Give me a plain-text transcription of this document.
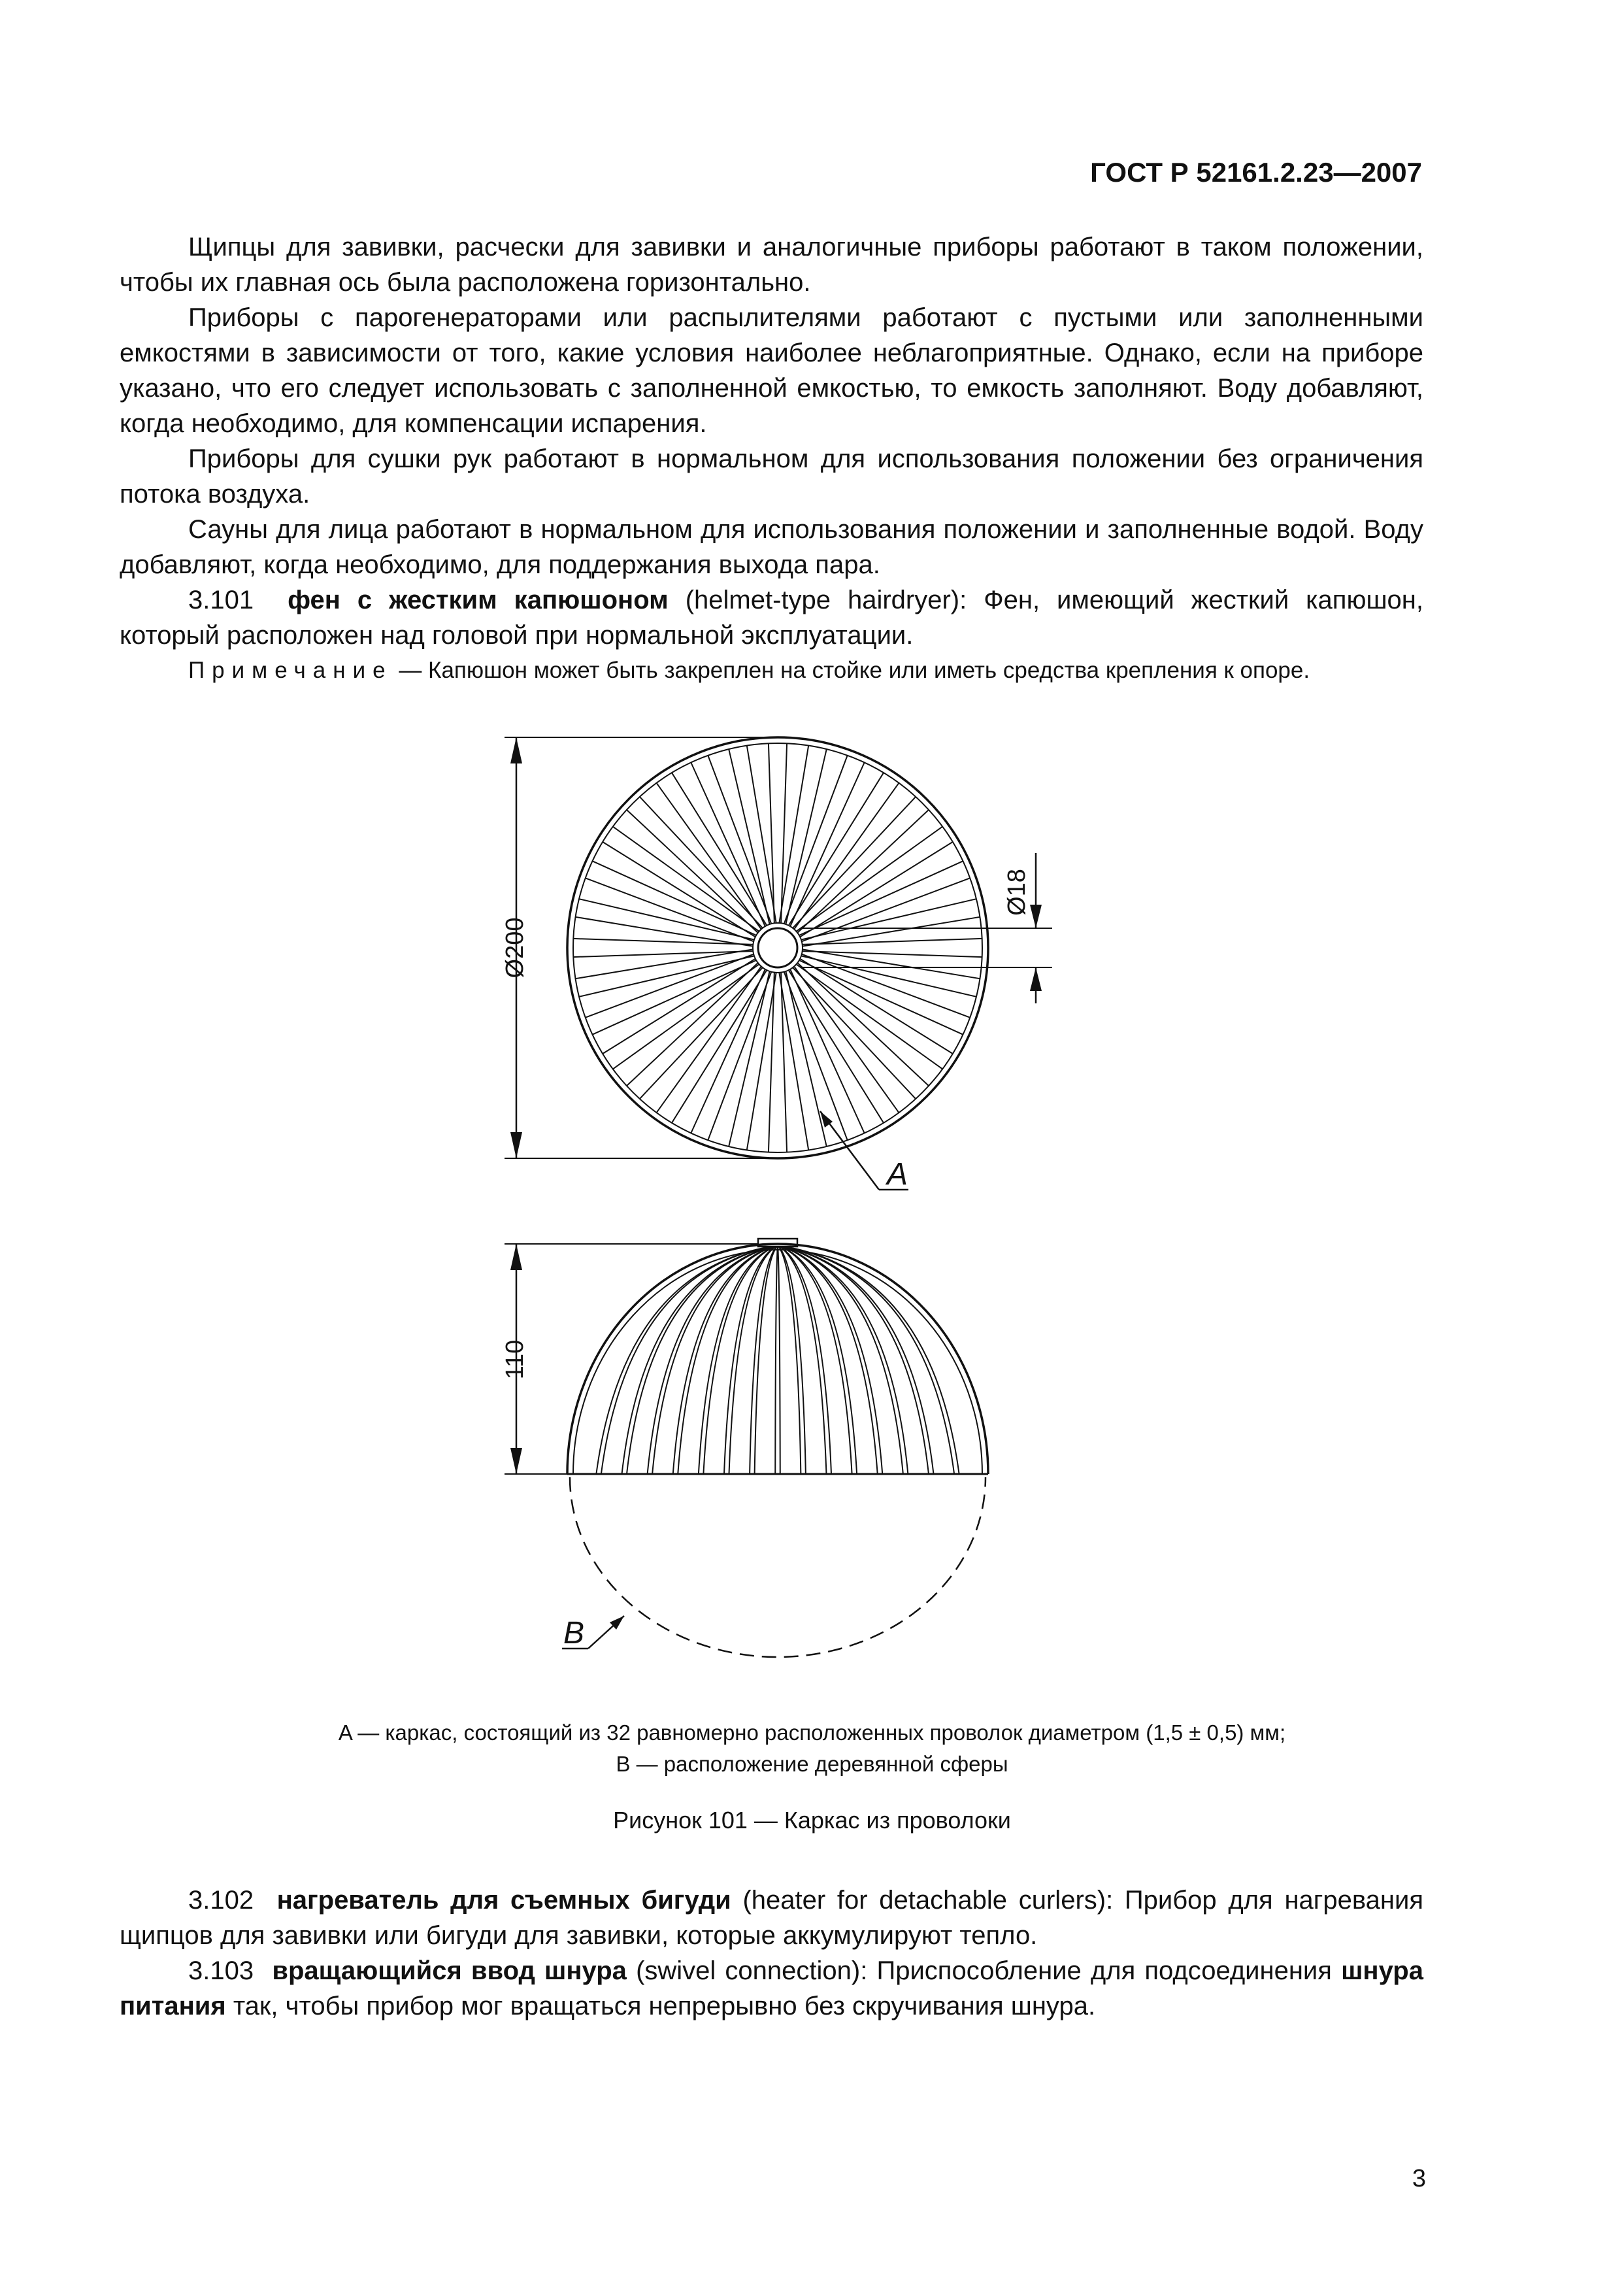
ГОСТ Р 52161.2.23—2007

Щипцы для завивки, расчески для завивки и аналогичные приборы работают в таком положении, чтобы их главная ось была расположена горизонтально.

Приборы с парогенераторами или распылителями работают с пустыми или заполненными емкостями в зависимости от того, какие условия наиболее неблагоприятные. Однако, если на приборе указано, что его следует использовать с заполненной емкостью, то емкость заполняют. Воду добавляют, когда необходимо, для компенсации испарения.

Приборы для сушки рук работают в нормальном для использования положении без ограничения потока воздуха.

Сауны для лица работают в нормальном для использования положении и заполненные водой. Воду добавляют, когда необходимо, для поддержания выхода пара.

3.101 фен с жестким капюшоном (helmet-type hairdryer): Фен, имеющий жесткий капюшон, который расположен над головой при нормальной эксплуатации.

Примечание — Капюшон может быть закреплен на стойке или иметь средства крепления к опоре.

Ø200
Ø18
A
110
B
A — каркас, состоящий из 32 равномерно расположенных проволок диаметром (1,5 ± 0,5) мм;
B — расположение деревянной сферы
Рисунок 101 — Каркас из проволоки

3.102 нагреватель для съемных бигуди (heater for detachable curlers): Прибор для нагревания щипцов для завивки или бигуди для завивки, которые аккумулируют тепло.

3.103 вращающийся ввод шнура (swivel connection): Приспособление для подсоединения шнура питания так, чтобы прибор мог вращаться непрерывно без скручивания шнура.

3
